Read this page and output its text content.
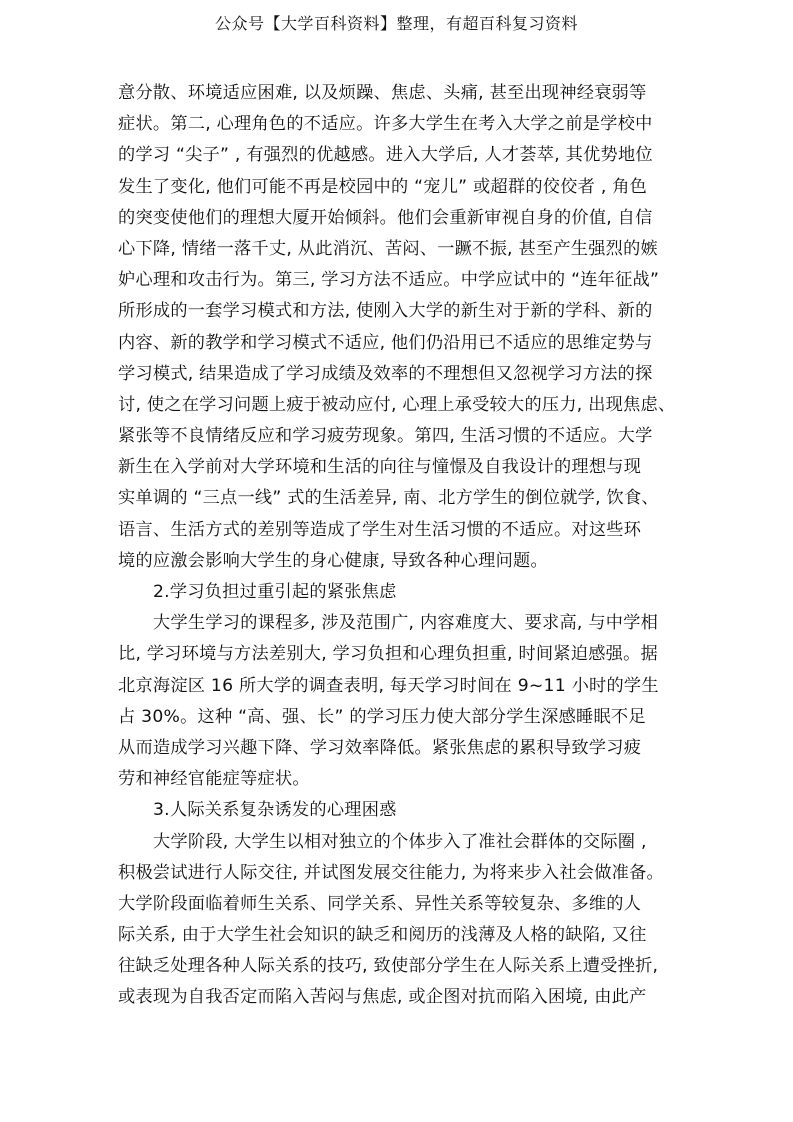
公众号【大学百科资料】整理，有超百科复习资料
意分散、环境适应困难, 以及烦躁、焦虑、头痛, 甚至出现神经衰弱等
症状。第二, 心理角色的不适应。许多大学生在考入大学之前是学校中
的学习 “尖子” , 有强烈的优越感。进入大学后, 人才荟萃, 其优势地位
发生了变化, 他们可能不再是校园中的 “宠儿” 或超群的佼佼者 , 角色
的突变使他们的理想大厦开始倾斜。他们会重新审视自身的价值, 自信
心下降, 情绪一落千丈, 从此消沉、苦闷、一蹶不振, 甚至产生强烈的嫉
妒心理和攻击行为。第三, 学习方法不适应。中学应试中的 “连年征战”
所形成的一套学习模式和方法, 使刚入大学的新生对于新的学科、新的
内容、新的教学和学习模式不适应, 他们仍沿用已不适应的思维定势与
学习模式, 结果造成了学习成绩及效率的不理想但又忽视学习方法的探
讨, 使之在学习问题上疲于被动应付, 心理上承受较大的压力, 出现焦虑、
紧张等不良情绪反应和学习疲劳现象。第四, 生活习惯的不适应。大学
新生在入学前对大学环境和生活的向往与憧憬及自我设计的理想与现
实单调的 “三点一线” 式的生活差异, 南、北方学生的倒位就学, 饮食、
语言、生活方式的差别等造成了学生对生活习惯的不适应。对这些环
境的应激会影响大学生的身心健康, 导致各种心理问题。
2.学习负担过重引起的紧张焦虑
大学生学习的课程多, 涉及范围广, 内容难度大、要求高, 与中学相
比, 学习环境与方法差别大, 学习负担和心理负担重, 时间紧迫感强。据
北京海淀区 16 所大学的调查表明, 每天学习时间在 9~11 小时的学生
占 30%。这种 “高、强、长” 的学习压力使大部分学生深感睡眠不足
从而造成学习兴趣下降、学习效率降低。紧张焦虑的累积导致学习疲
劳和神经官能症等症状。
3.人际关系复杂诱发的心理困惑
大学阶段, 大学生以相对独立的个体步入了准社会群体的交际圈 ,
积极尝试进行人际交往, 并试图发展交往能力, 为将来步入社会做准备。
大学阶段面临着师生关系、同学关系、异性关系等较复杂、多维的人
际关系, 由于大学生社会知识的缺乏和阅历的浅薄及人格的缺陷, 又往
往缺乏处理各种人际关系的技巧, 致使部分学生在人际关系上遭受挫折,
或表现为自我否定而陷入苦闷与焦虑, 或企图对抗而陷入困境, 由此产
